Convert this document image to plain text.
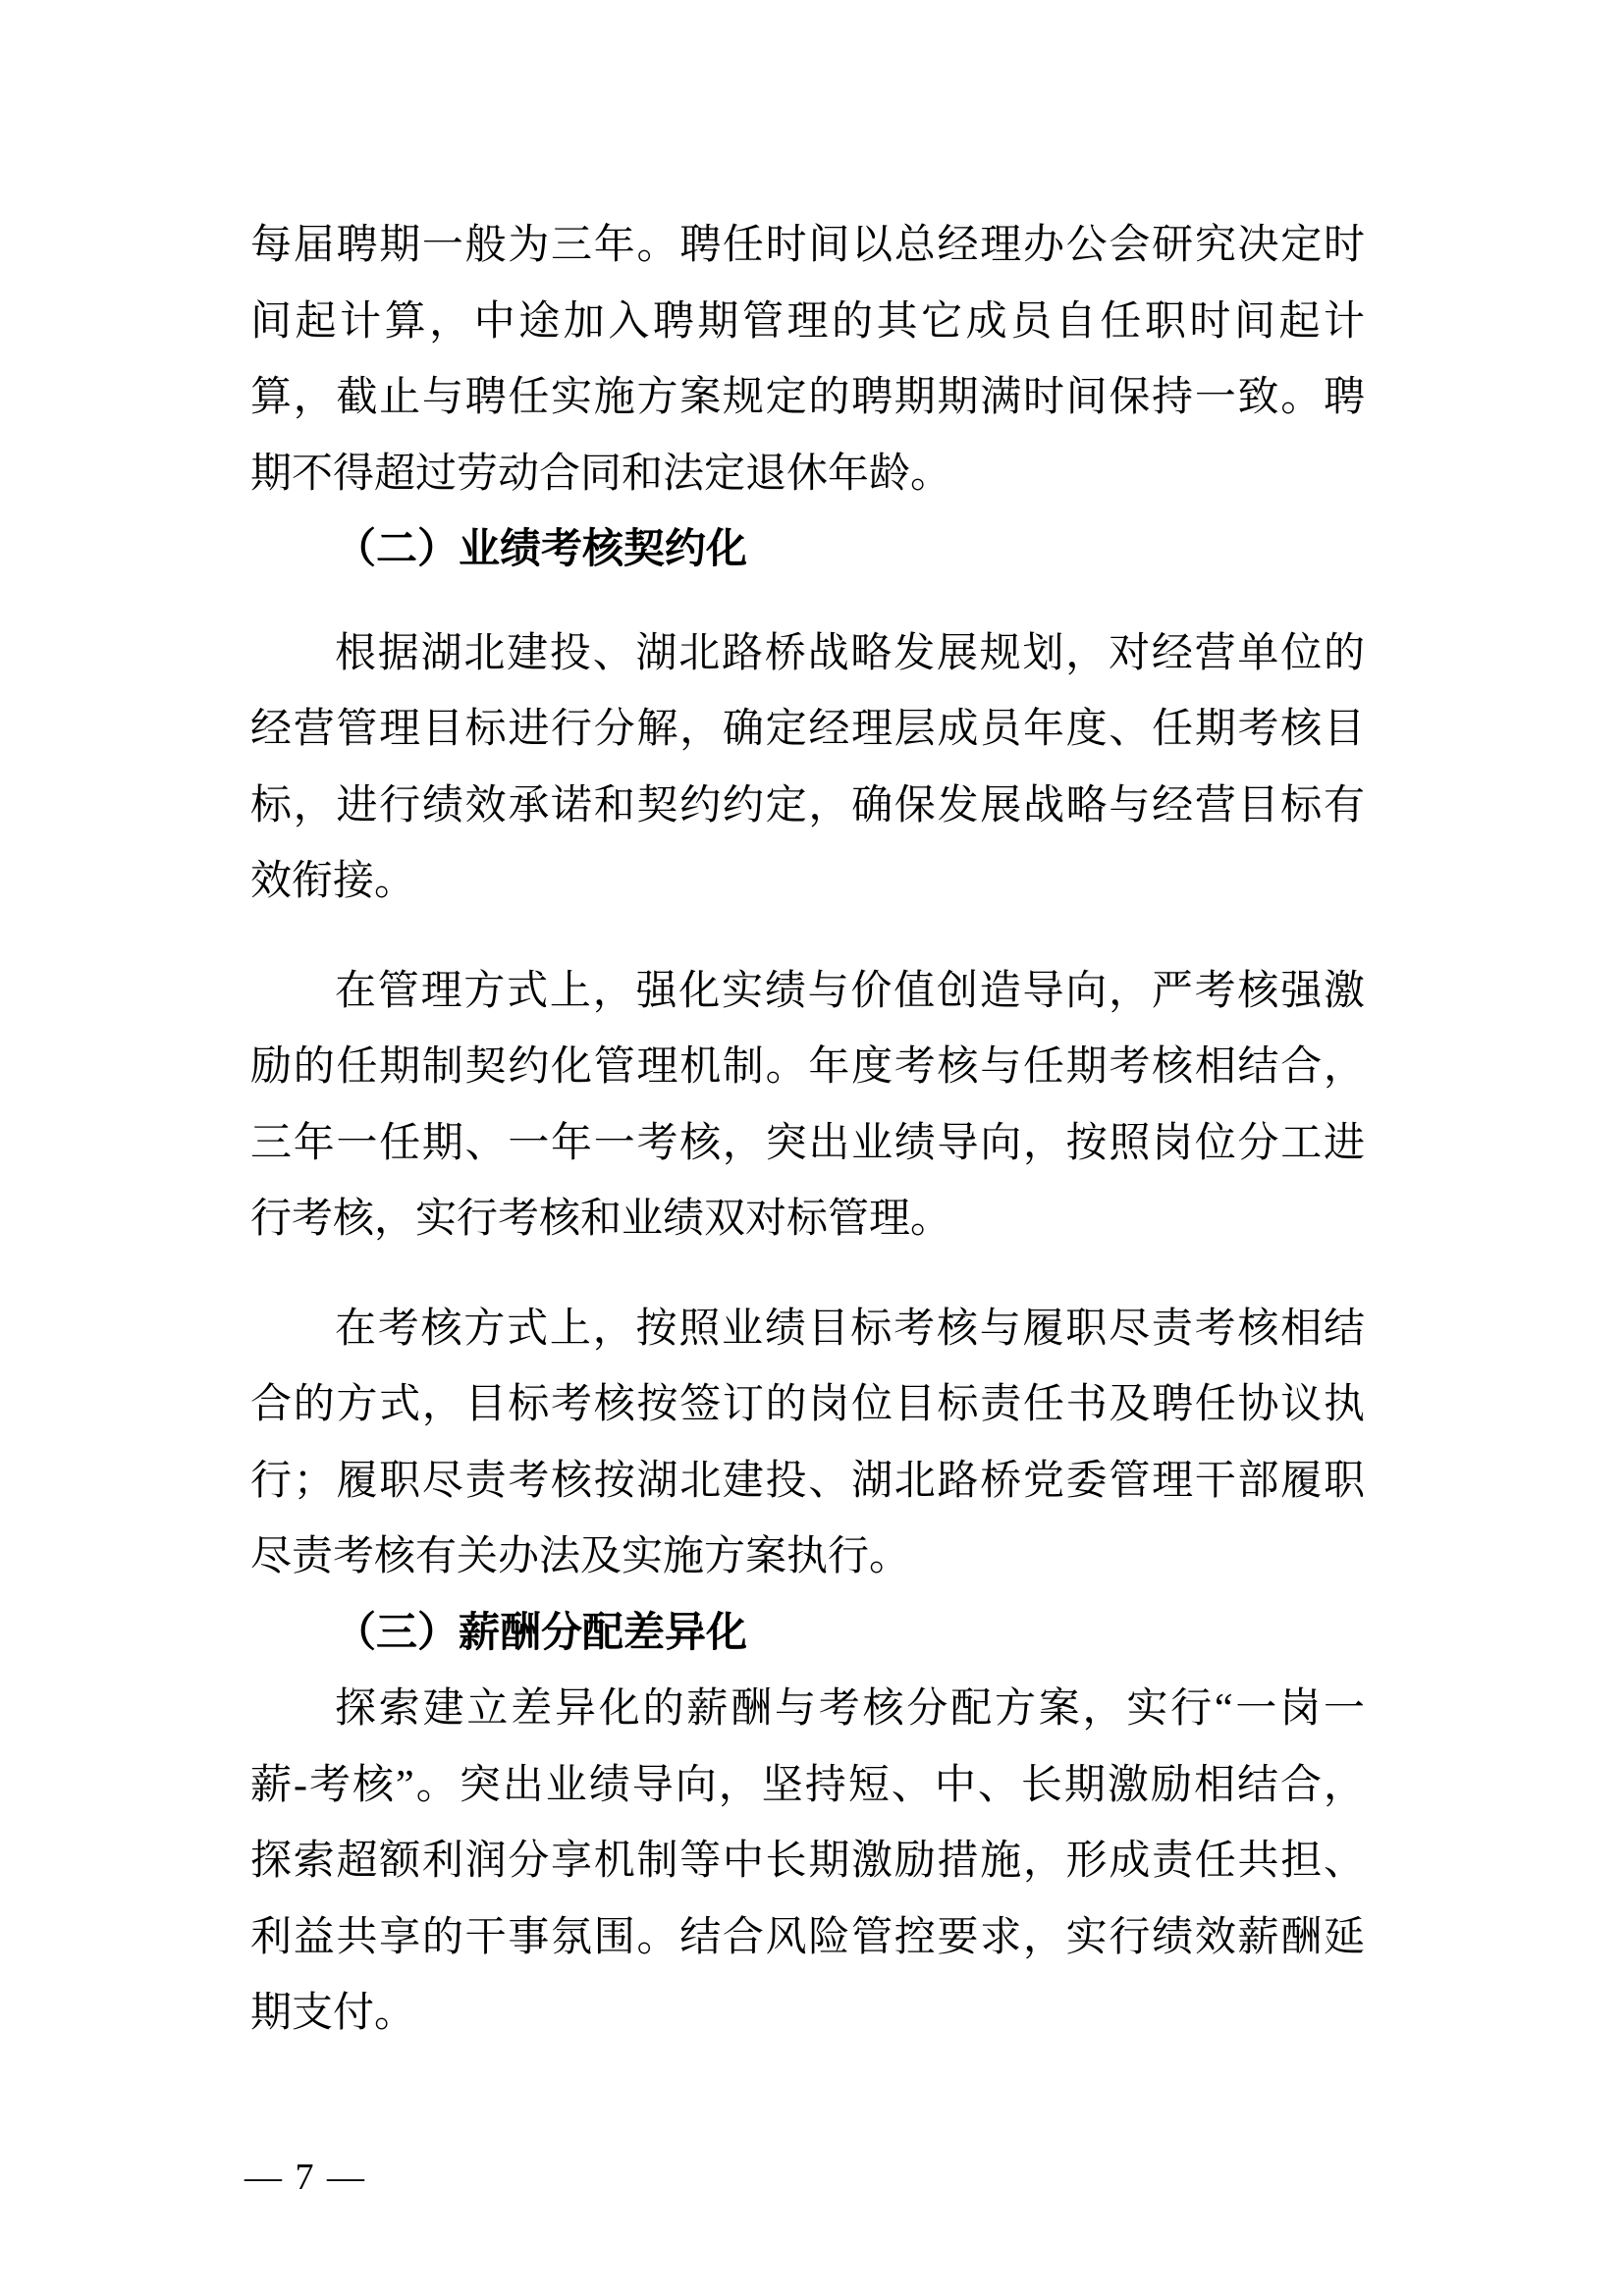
每届聘期一般为三年。聘任时间以总经理办公会研究决定时
间起计算，中途加入聘期管理的其它成员自任职时间起计
算，截止与聘任实施方案规定的聘期期满时间保持一致。聘
期不得超过劳动合同和法定退休年龄。
（二）业绩考核契约化
根据湖北建投、湖北路桥战略发展规划，对经营单位的
经营管理目标进行分解，确定经理层成员年度、任期考核目
标，进行绩效承诺和契约约定，确保发展战略与经营目标有
效衔接。
在管理方式上，强化实绩与价值创造导向，严考核强激
励的任期制契约化管理机制。年度考核与任期考核相结合，
三年一任期、一年一考核，突出业绩导向，按照岗位分工进
行考核，实行考核和业绩双对标管理。
在考核方式上，按照业绩目标考核与履职尽责考核相结
合的方式，目标考核按签订的岗位目标责任书及聘任协议执
行；履职尽责考核按湖北建投、湖北路桥党委管理干部履职
尽责考核有关办法及实施方案执行。
（三）薪酬分配差异化
探索建立差异化的薪酬与考核分配方案，实行“一岗一
薪-考核”。突出业绩导向，坚持短、中、长期激励相结合，
探索超额利润分享机制等中长期激励措施，形成责任共担、
利益共享的干事氛围。结合风险管控要求，实行绩效薪酬延
期支付。
— 7 —
